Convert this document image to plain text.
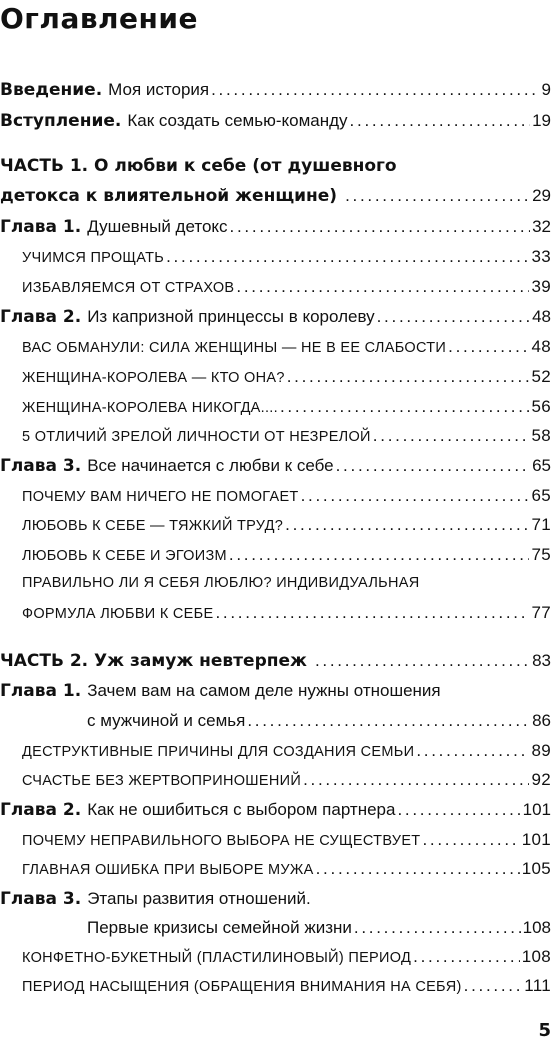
Оглавление
Введение. Моя история . . .	9
Вступление. Как создать семью-команду . . .	19
ЧАСТЬ 1. О любви к себе (от душевного
детокса к влиятельной женщине) . . .	29
Глава 1. Душевный детокс . . .	32
УЧИМСЯ ПРОЩАТЬ . . .	33
ИЗБАВЛЯЕМСЯ ОТ СТРАХОВ . . .	39
Глава 2. Из капризной принцессы в королеву . . .	48
ВАС ОБМАНУЛИ: СИЛА ЖЕНЩИНЫ — НЕ В ЕЕ СЛАБОСТИ . . .	48
ЖЕНЩИНА-КОРОЛЕВА — КТО ОНА? . . .	52
ЖЕНЩИНА-КОРОЛЕВА НИКОГДА.... . . .	56
5 ОТЛИЧИЙ ЗРЕЛОЙ ЛИЧНОСТИ ОТ НЕЗРЕЛОЙ . . .	58
Глава 3. Все начинается с любви к себе . . .	65
ПОЧЕМУ ВАМ НИЧЕГО НЕ ПОМОГАЕТ . . .	65
ЛЮБОВЬ К СЕБЕ — ТЯЖКИЙ ТРУД? . . .	71
ЛЮБОВЬ К СЕБЕ И ЭГОИЗМ . . .	75
ПРАВИЛЬНО ЛИ Я СЕБЯ ЛЮБЛЮ? ИНДИВИДУАЛЬНАЯ
ФОРМУЛА ЛЮБВИ К СЕБЕ . . .	77
ЧАСТЬ 2. Уж замуж невтерпеж . . .	83
Глава 1. Зачем вам на самом деле нужны отношения
с мужчиной и семья . . .	86
ДЕСТРУКТИВНЫЕ ПРИЧИНЫ ДЛЯ СОЗДАНИЯ СЕМЬИ . . .	89
СЧАСТЬЕ БЕЗ ЖЕРТВОПРИНОШЕНИЙ . . .	92
Глава 2. Как не ошибиться с выбором партнера . . .	101
ПОЧЕМУ НЕПРАВИЛЬНОГО ВЫБОРА НЕ СУЩЕСТВУЕТ . . .	101
ГЛАВНАЯ ОШИБКА ПРИ ВЫБОРЕ МУЖА . . .	105
Глава 3. Этапы развития отношений.
Первые кризисы семейной жизни . . .	108
КОНФЕТНО-БУКЕТНЫЙ (ПЛАСТИЛИНОВЫЙ) ПЕРИОД . . .	108
ПЕРИОД НАСЫЩЕНИЯ (ОБРАЩЕНИЯ ВНИМАНИЯ НА СЕБЯ) . . .	111
5
